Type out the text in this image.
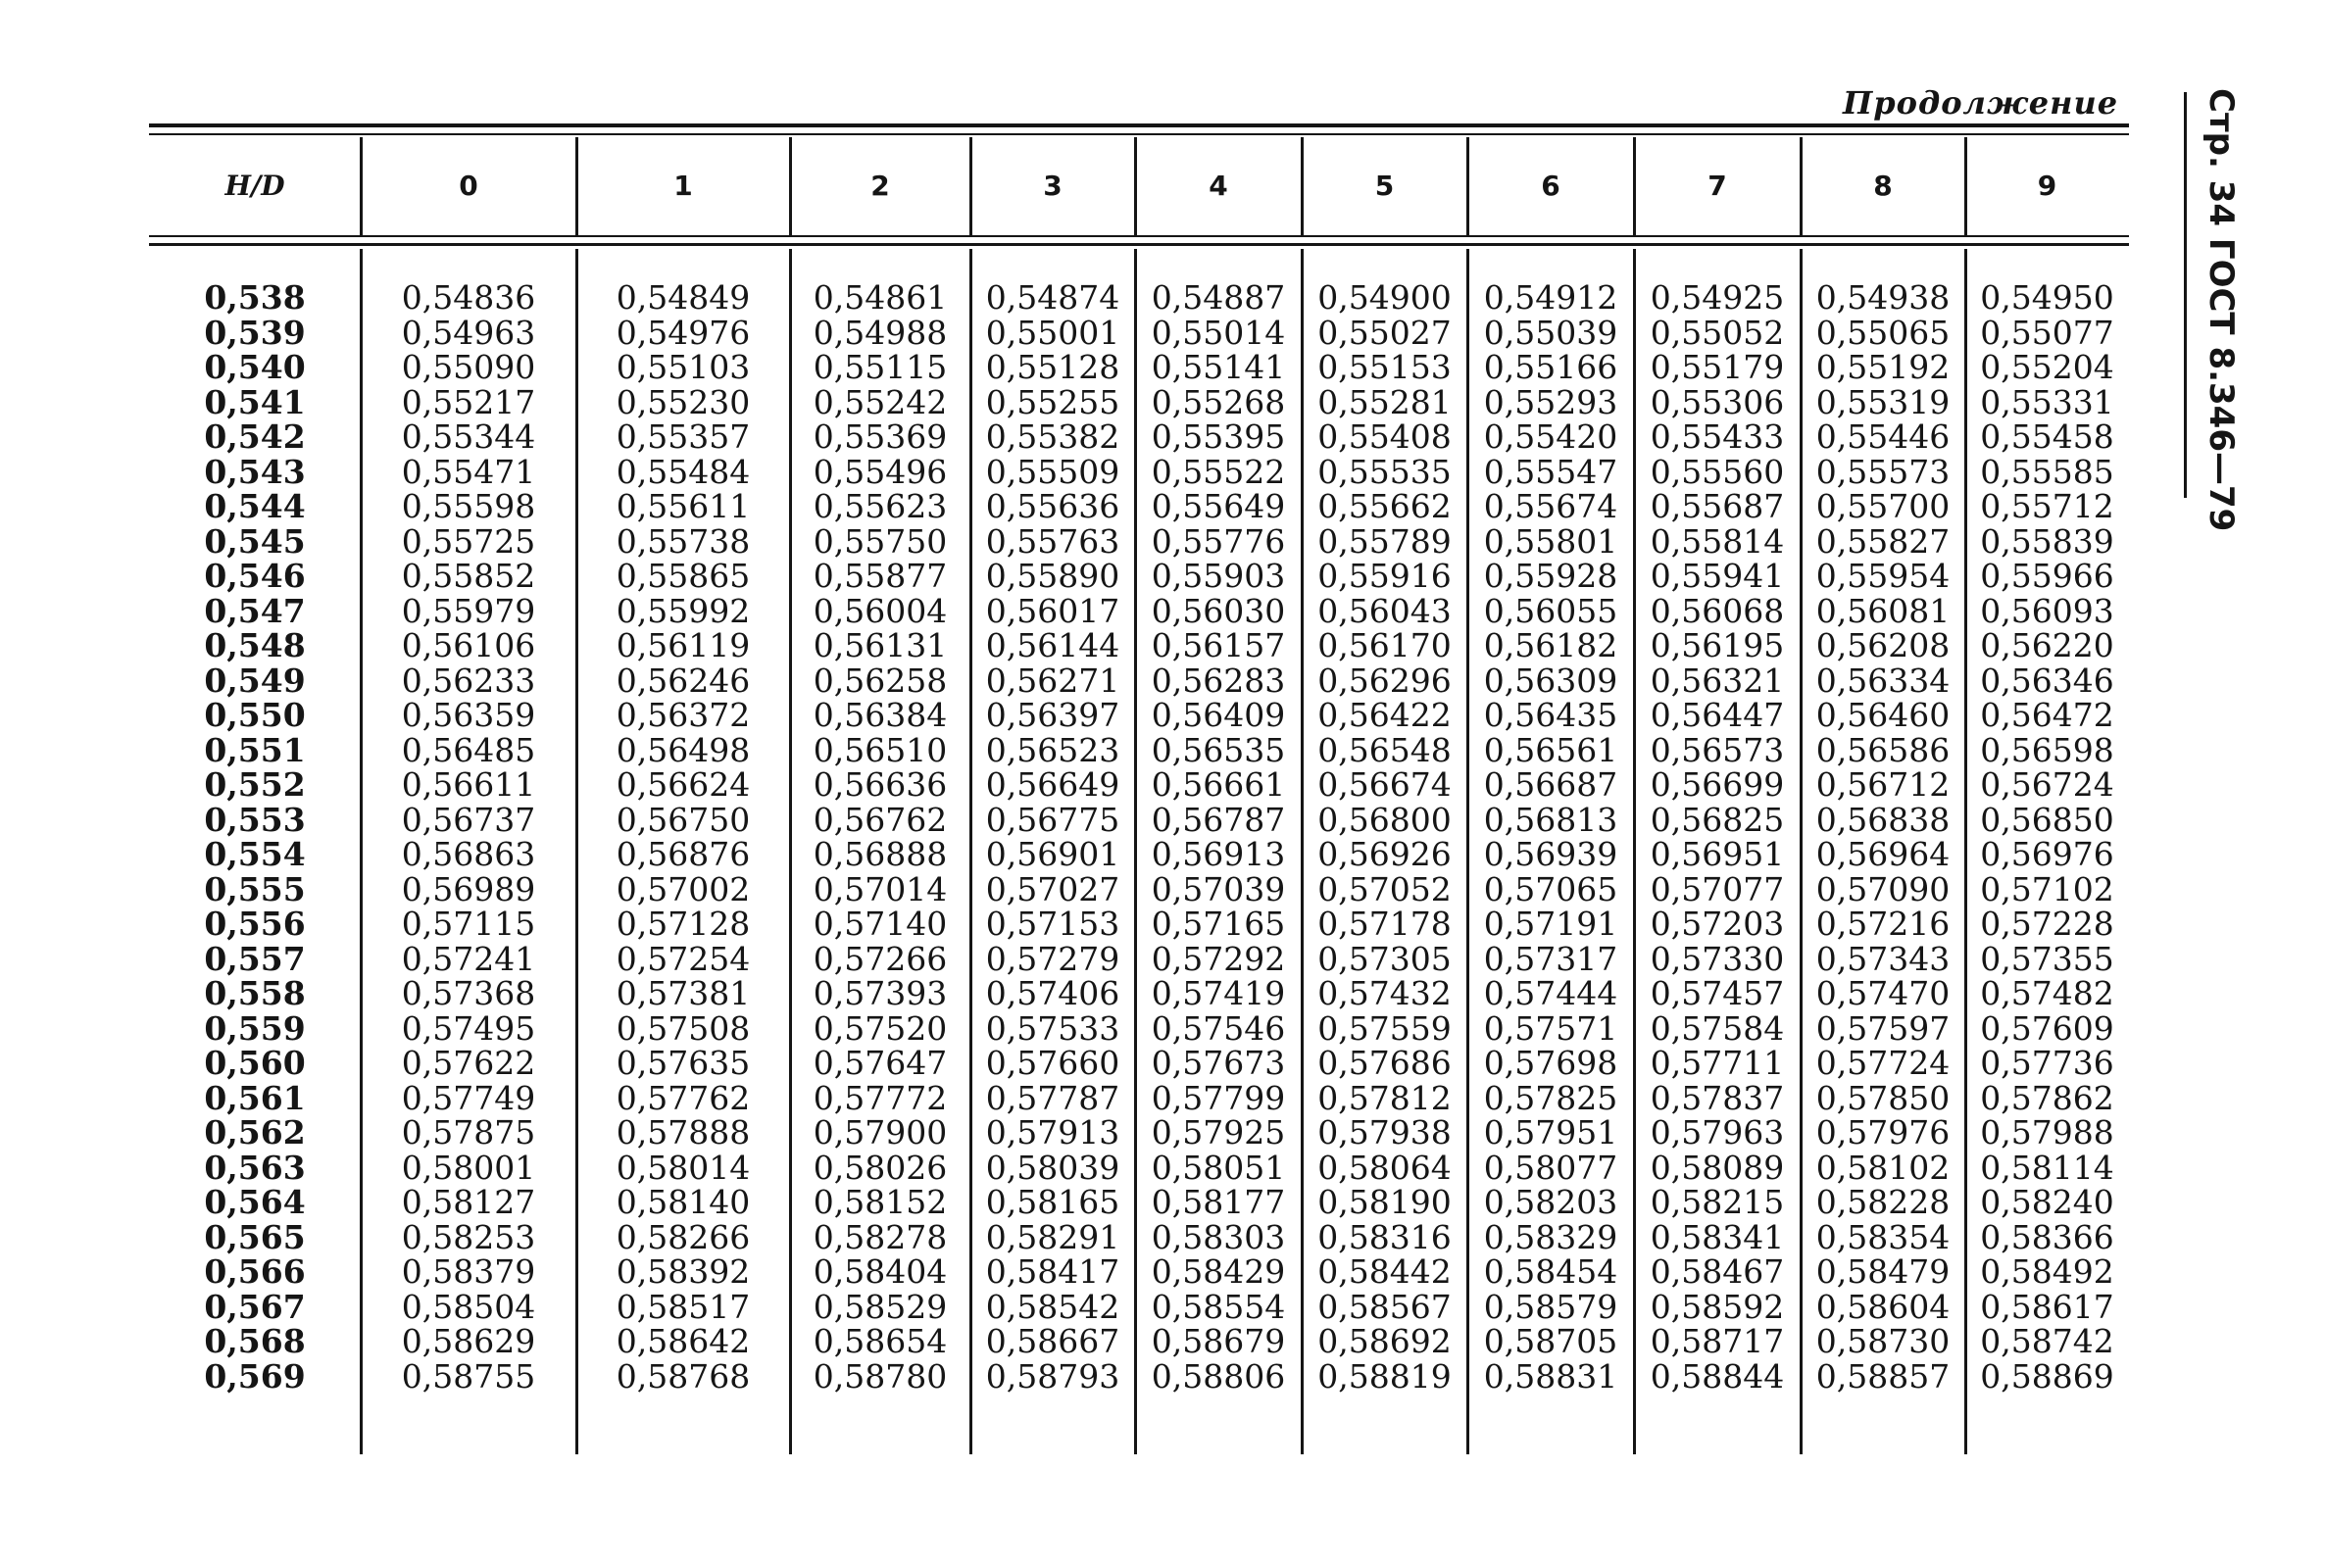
Продолжение Стр. 34 ГОСТ 8.346—79
H/D	0	1	2	3	4	5	6	7	8	9
0,538	0,54836	0,54849	0,54861	0,54874 0,54887	0,54900	0,54912	0,54925 0,54938 0,54950
0,539	0,54963	0,54976	0,54988	0,55001 0,55014	0,55027	0,55039	0,55052 0,55065 0,55077
0,540	0,55090	0,55103	0,55115	0,55128 0,55141	0,55153	0,55166	0,55179 0,55192 0,55204
0,541	0,55217	0,55230	0,55242	0,55255 0,55268	0,55281	0,55293	0,55306 0,55319 0,55331
0,542	0,55344	0,55357	0,55369	0,55382 0,55395	0,55408	0,55420	0,55433 0,55446 0,55458
0,543	0,55471	0,55484	0,55496	0,55509 0,55522	0,55535	0,55547	0,55560 0,55573 0,55585
0,544	0,55598	0,55611	0,55623	0,55636 0,55649	0,55662	0,55674	0,55687 0,55700 0,55712
0,545	0,55725	0,55738	0,55750	0,55763 0,55776	0,55789	0,55801	0,55814 0,55827 0,55839
0,546	0,55852	0,55865	0,55877	0,55890 0,55903	0,55916	0,55928	0,55941 0,55954 0,55966
0,547	0,55979	0,55992	0,56004	0,56017 0,56030	0,56043	0,56055	0,56068 0,56081 0,56093
0,548	0,56106	0,56119	0,56131	0,56144 0,56157	0,56170	0,56182	0,56195 0,56208 0,56220
0,549	0,56233	0,56246	0,56258	0,56271 0,56283	0,56296	0,56309	0,56321 0,56334 0,56346
0,550	0,56359	0,56372	0,56384	0,56397 0,56409	0,56422	0,56435	0,56447 0,56460 0,56472
0,551	0,56485	0,56498	0,56510	0,56523 0,56535	0,56548	0,56561	0,56573 0,56586 0,56598
0,552	0,56611	0,56624	0,56636	0,56649 0,56661	0,56674	0,56687	0,56699 0,56712 0,56724
0,553	0,56737	0,56750	0,56762	0,56775 0,56787	0,56800	0,56813	0,56825 0,56838 0,56850
0,554	0,56863	0,56876	0,56888	0,56901 0,56913	0,56926	0,56939	0,56951 0,56964 0,56976
0,555	0,56989	0,57002	0,57014	0,57027 0,57039	0,57052	0,57065	0,57077 0,57090 0,57102
0,556	0,57115	0,57128	0,57140	0,57153 0,57165	0,57178	0,57191	0,57203 0,57216 0,57228
0,557	0,57241	0,57254	0,57266	0,57279 0,57292	0,57305	0,57317	0,57330 0,57343 0,57355
0,558	0,57368	0,57381	0,57393	0,57406 0,57419	0,57432	0,57444	0,57457 0,57470 0,57482
0,559	0,57495	0,57508	0,57520	0,57533 0,57546	0,57559	0,57571	0,57584 0,57597 0,57609
0,560	0,57622	0,57635	0,57647	0,57660 0,57673	0,57686	0,57698	0,57711 0,57724 0,57736
0,561	0,57749	0,57762	0,57772	0,57787 0,57799	0,57812	0,57825	0,57837 0,57850 0,57862
0,562	0,57875	0,57888	0,57900	0,57913 0,57925	0,57938	0,57951	0,57963 0,57976 0,57988
0,563	0,58001	0,58014	0,58026	0,58039 0,58051	0,58064	0,58077	0,58089 0,58102 0,58114
0,564	0,58127	0,58140	0,58152	0,58165 0,58177	0,58190	0,58203	0,58215 0,58228 0,58240
0,565	0,58253	0,58266	0,58278	0,58291 0,58303	0,58316	0,58329	0,58341 0,58354 0,58366
0,566	0,58379	0,58392	0,58404	0,58417 0,58429	0,58442	0,58454	0,58467 0,58479 0,58492
0,567	0,58504	0,58517	0,58529	0,58542 0,58554	0,58567	0,58579	0,58592 0,58604 0,58617
0,568	0,58629	0,58642	0,58654	0,58667 0,58679	0,58692	0,58705	0,58717 0,58730 0,58742
0,569	0,58755	0,58768	0,58780	0,58793 0,58806	0,58819	0,58831	0,58844 0,58857 0,58869
